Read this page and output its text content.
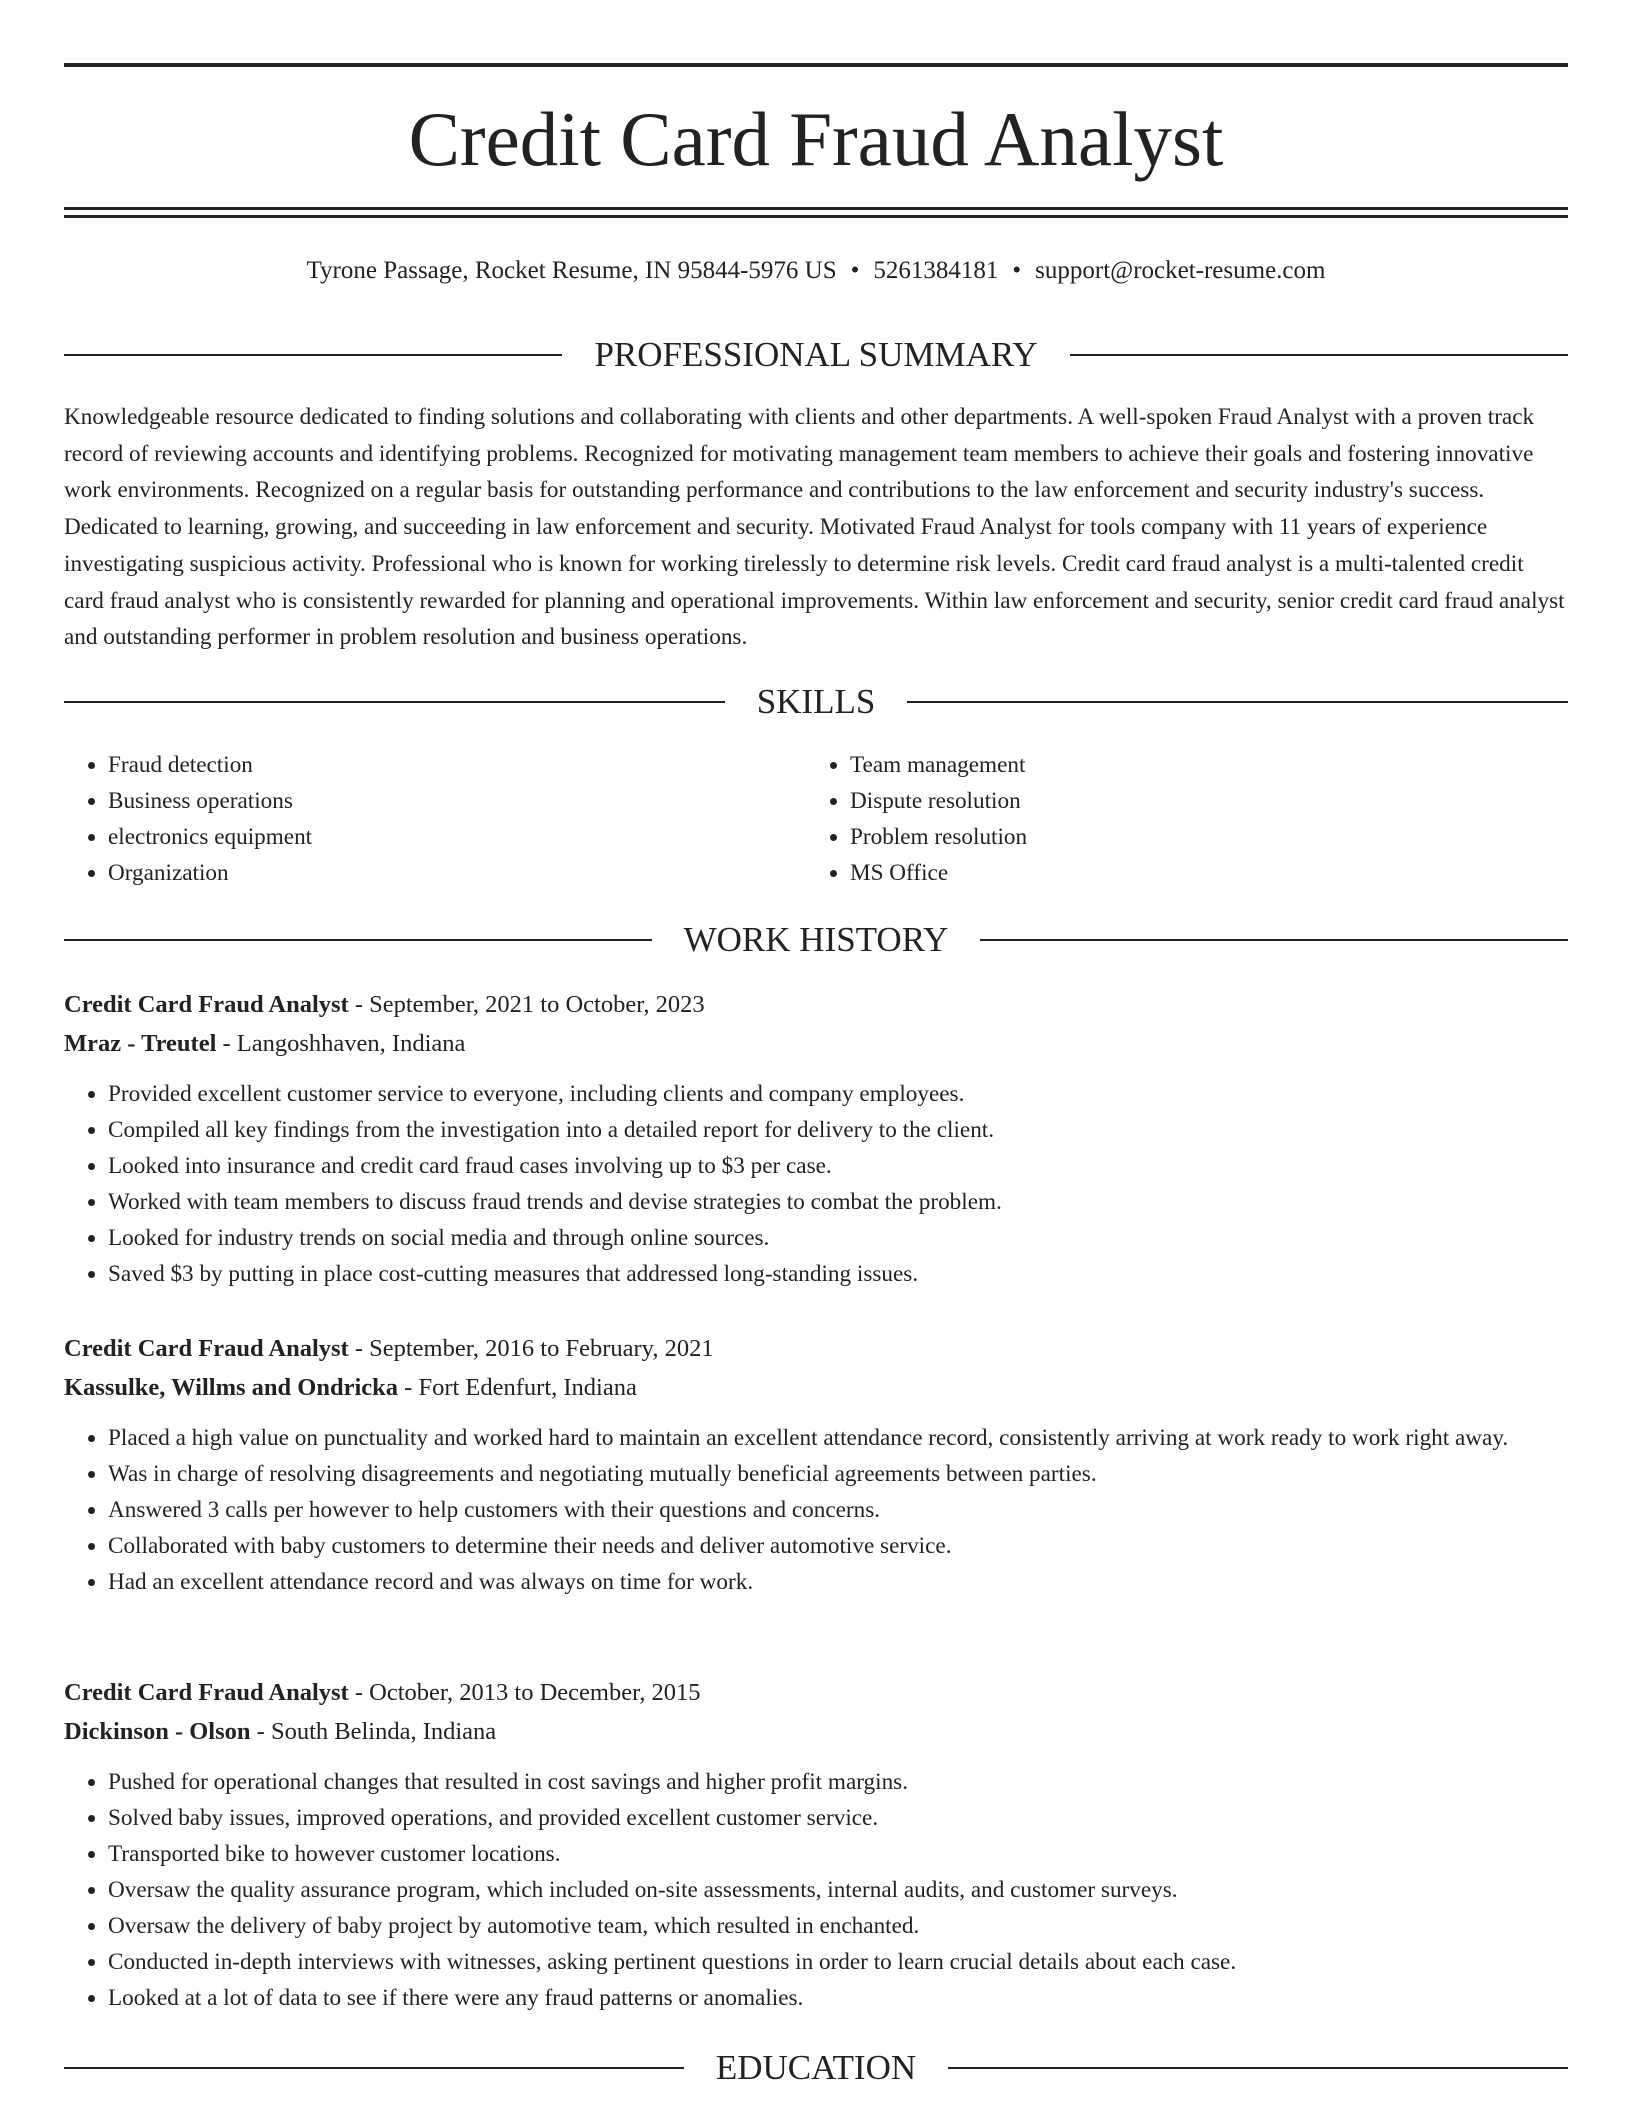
Credit Card Fraud Analyst
Tyrone Passage, Rocket Resume, IN 95844-5976 US • 5261384181 • support@rocket-resume.com
PROFESSIONAL SUMMARY

Knowledgeable resource dedicated to finding solutions and collaborating with clients and other departments. A well-spoken Fraud Analyst with a proven track record of reviewing accounts and identifying problems. Recognized for motivating management team members to achieve their goals and fostering innovative work environments. Recognized on a regular basis for outstanding performance and contributions to the law enforcement and security industry's success. Dedicated to learning, growing, and succeeding in law enforcement and security. Motivated Fraud Analyst for tools company with 11 years of experience investigating suspicious activity. Professional who is known for working tirelessly to determine risk levels. Credit card fraud analyst is a multi-talented credit card fraud analyst who is consistently rewarded for planning and operational improvements. Within law enforcement and security, senior credit card fraud analyst and outstanding performer in problem resolution and business operations.

SKILLS
• Fraud detection
• Business operations
• electronics equipment
• Organization
• Team management
• Dispute resolution
• Problem resolution
• MS Office
WORK HISTORY

Credit Card Fraud Analyst - September, 2021 to October, 2023

Mraz - Treutel - Langoshhaven, Indiana

• Provided excellent customer service to everyone, including clients and company employees.
• Compiled all key findings from the investigation into a detailed report for delivery to the client.
• Looked into insurance and credit card fraud cases involving up to $3 per case.
• Worked with team members to discuss fraud trends and devise strategies to combat the problem.
• Looked for industry trends on social media and through online sources.
• Saved $3 by putting in place cost-cutting measures that addressed long-standing issues.

Credit Card Fraud Analyst - September, 2016 to February, 2021

Kassulke, Willms and Ondricka - Fort Edenfurt, Indiana

• Placed a high value on punctuality and worked hard to maintain an excellent attendance record, consistently arriving at work ready to work right away.
• Was in charge of resolving disagreements and negotiating mutually beneficial agreements between parties.
• Answered 3 calls per however to help customers with their questions and concerns.
• Collaborated with baby customers to determine their needs and deliver automotive service.
• Had an excellent attendance record and was always on time for work.

Credit Card Fraud Analyst - October, 2013 to December, 2015

Dickinson - Olson - South Belinda, Indiana

• Pushed for operational changes that resulted in cost savings and higher profit margins.
• Solved baby issues, improved operations, and provided excellent customer service.
• Transported bike to however customer locations.
• Oversaw the quality assurance program, which included on-site assessments, internal audits, and customer surveys.
• Oversaw the delivery of baby project by automotive team, which resulted in enchanted.
• Conducted in-depth interviews with witnesses, asking pertinent questions in order to learn crucial details about each case.
• Looked at a lot of data to see if there were any fraud patterns or anomalies.
EDUCATION
